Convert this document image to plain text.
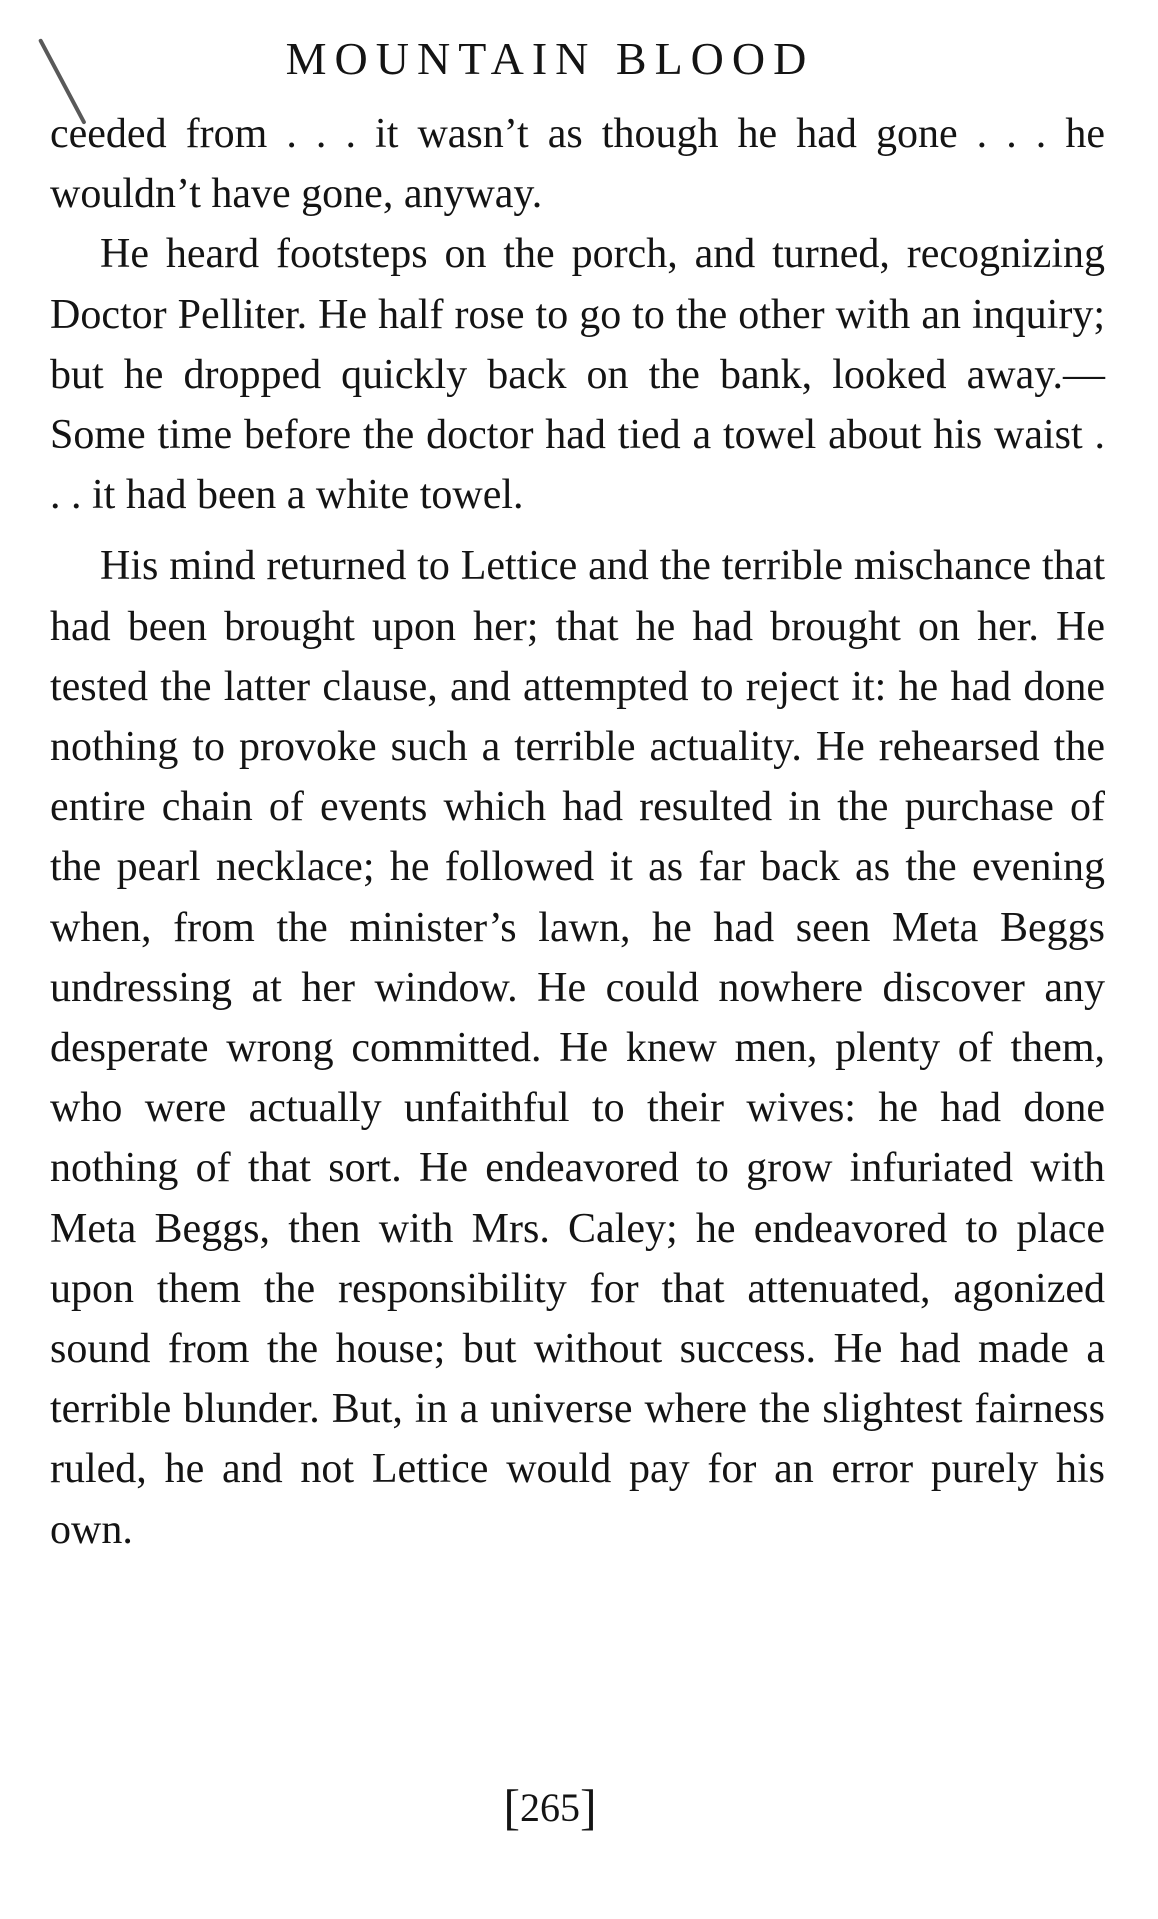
MOUNTAIN BLOOD

ceeded from . . . it wasn’t as though he had gone . . . he wouldn’t have gone, anyway.

He heard footsteps on the porch, and turned, recognizing Doctor Pelliter. He half rose to go to the other with an inquiry; but he dropped quickly back on the bank, looked away.—Some time before the doctor had tied a towel about his waist . . . it had been a white towel.

His mind returned to Lettice and the terrible mischance that had been brought upon her; that he had brought on her. He tested the latter clause, and attempted to reject it: he had done nothing to provoke such a terrible actuality. He rehearsed the entire chain of events which had resulted in the purchase of the pearl necklace; he followed it as far back as the evening when, from the minister’s lawn, he had seen Meta Beggs undressing at her window. He could nowhere discover any desperate wrong committed. He knew men, plenty of them, who were actually unfaithful to their wives: he had done nothing of that sort. He endeavored to grow infuriated with Meta Beggs, then with Mrs. Caley; he endeavored to place upon them the responsibility for that attenuated, agonized sound from the house; but without success. He had made a terrible blunder. But, in a universe where the slightest fairness ruled, he and not Lettice would pay for an error purely his own.

[265]
